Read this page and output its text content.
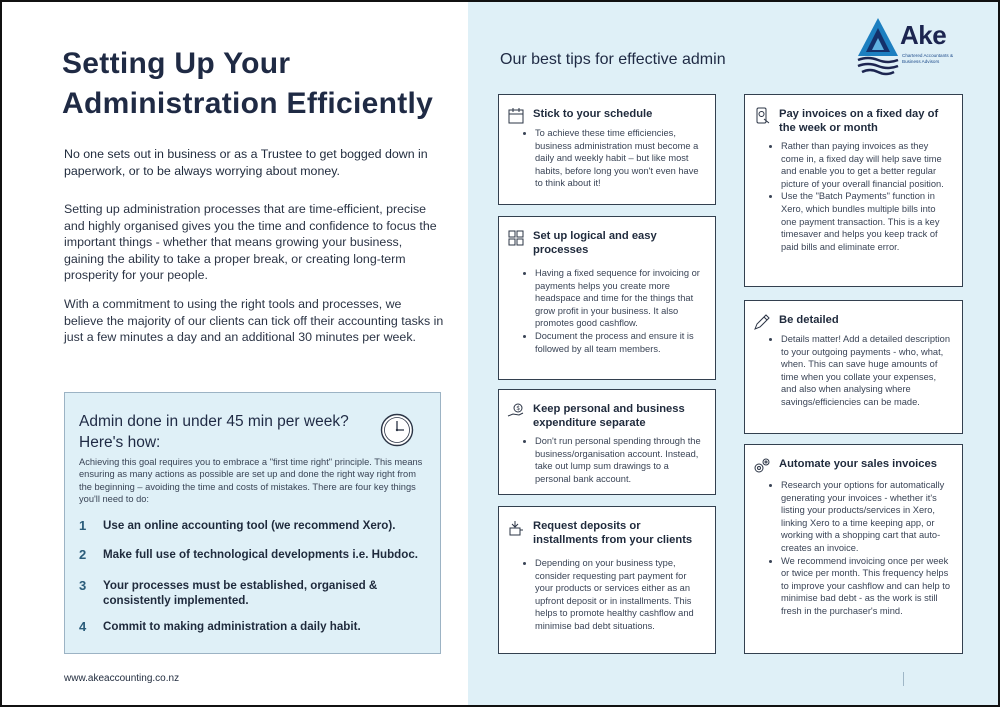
Setting Up Your Administration Efficiently

No one sets out in business or as a Trustee to get bogged down in paperwork, or to be always worrying about money.

Setting up administration processes that are time-efficient, precise and highly organised gives you the time and confidence to focus the important things - whether that means growing your business, gaining the ability to take a proper break, or creating long-term prosperity for your people.

With a commitment to using the right tools and processes, we believe the majority of our clients can tick off their accounting tasks in just a few minutes a day and an additional 30 minutes per week.

Admin done in under 45 min per week? Here's how:
Achieving this goal requires you to embrace a "first time right" principle. This means ensuring as many actions as possible are set up and done the right way right from the beginning – avoiding the time and costs of mistakes. There are four key things you'll need to do:
1	Use an online accounting tool (we recommend Xero).
2	Make full use of technological developments i.e. Hubdoc.
3	Your processes must be established, organised & consistently implemented.
4	Commit to making administration a daily habit.
www.akeaccounting.co.nz
Our best tips for effective admin
Ake
Chartered Accountants & Business Advisors
Stick to your schedule
• To achieve these time efficiencies, business administration must become a daily and weekly habit – but like most habits, before long you won't even have to think about it!
Set up logical and easy processes
• Having a fixed sequence for invoicing or payments helps you create more headspace and time for the things that grow profit in your business. It also promotes good cashflow.
• Document the process and ensure it is followed by all team members.
$ Keep personal and business expenditure separate
• Don't run personal spending through the business/organisation account. Instead, take out lump sum drawings to a personal bank account.
Request deposits or installments from your clients
• Depending on your business type, consider requesting part payment for your products or services either as an upfront deposit or in installments. This helps to promote healthy cashflow and minimise bad debt situations.
Pay invoices on a fixed day of the week or month
• Rather than paying invoices as they come in, a fixed day will help save time and enable you to get a better regular picture of your overall financial position.
• Use the "Batch Payments" function in Xero, which bundles multiple bills into one payment transaction. This is a key timesaver and helps you keep track of paid bills and eliminate error.
Be detailed
• Details matter! Add a detailed description to your outgoing payments - who, what, when. This can save huge amounts of time when you collate your expenses, and also when analysing where savings/efficiencies can be made.
Automate your sales invoices
• Research your options for automatically generating your invoices - whether it's listing your products/services in Xero, linking Xero to a time keeping app, or working with a shopping cart that auto-creates an invoice.
• We recommend invoicing once per week or twice per month. This frequency helps to improve your cashflow and can help to minimise bad debt - as the work is still fresh in the purchaser's mind.
